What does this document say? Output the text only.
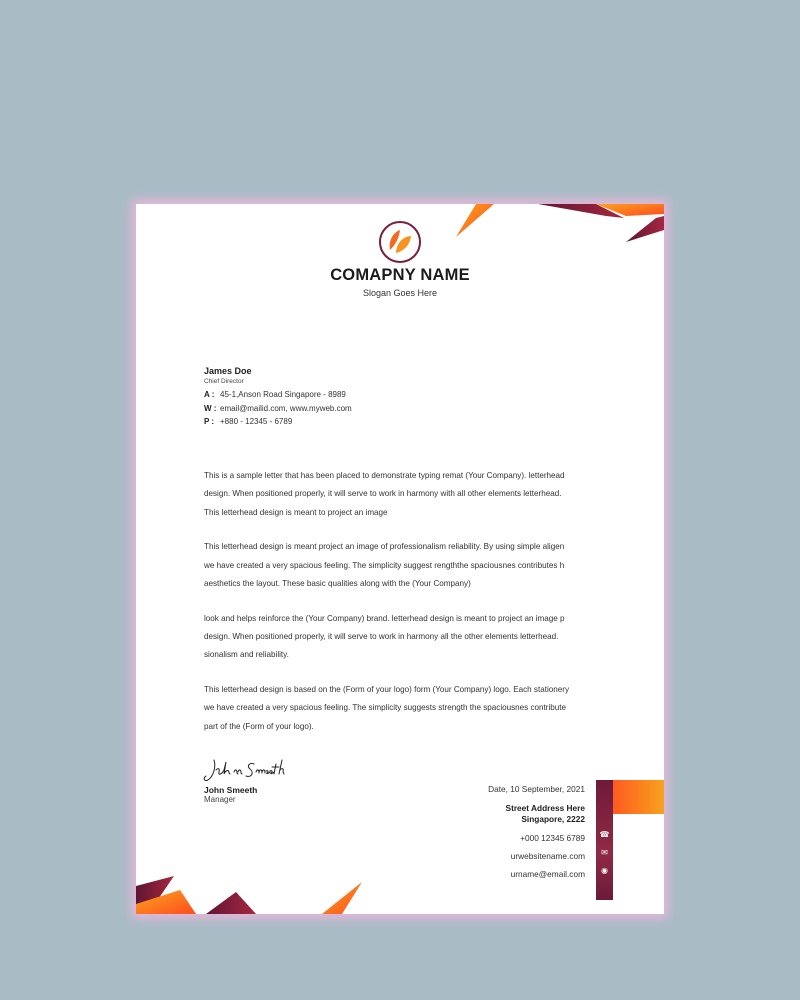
COMAPNY NAME
Slogan Goes Here
James Doe
Chief Director
A : 45-1,Anson Road Singapore - 8989
W : email@mailid.com, www.myweb.com
P : +880 - 12345 - 6789
This is a sample letter that has been placed to demonstrate typing remat (Your Company). letterhead
design. When positioned properly, it will serve to work in harmony with all other elements letterhead.
This letterhead design is meant to project an image
This letterhead design is meant project an image of professionalism reliability. By using simple aligen
we have created a very spacious feeling. The simplicity suggest rengththe spaciousnes contributes h
aesthetics the layout. These basic qualities along with the (Your Company)
look and helps reinforce the (Your Company) brand. letterhead design is meant to project an image p
design. When positioned properly, it will serve to work in harmony all the other elements letterhead.
sionalism and reliability.
This letterhead design is based on the (Form of your logo) form (Your Company) logo. Each stationery
we have created a very spacious feeling. The simplicity suggests strength the spaciousnes contribute
part of the (Form of your logo).
John Smeeth
Manager
Date, 10 September, 2021
Street Address Here
Singapore, 2222
+000 12345 6789
urwebsitename.com
urname@email.com
☎
✉
◉
